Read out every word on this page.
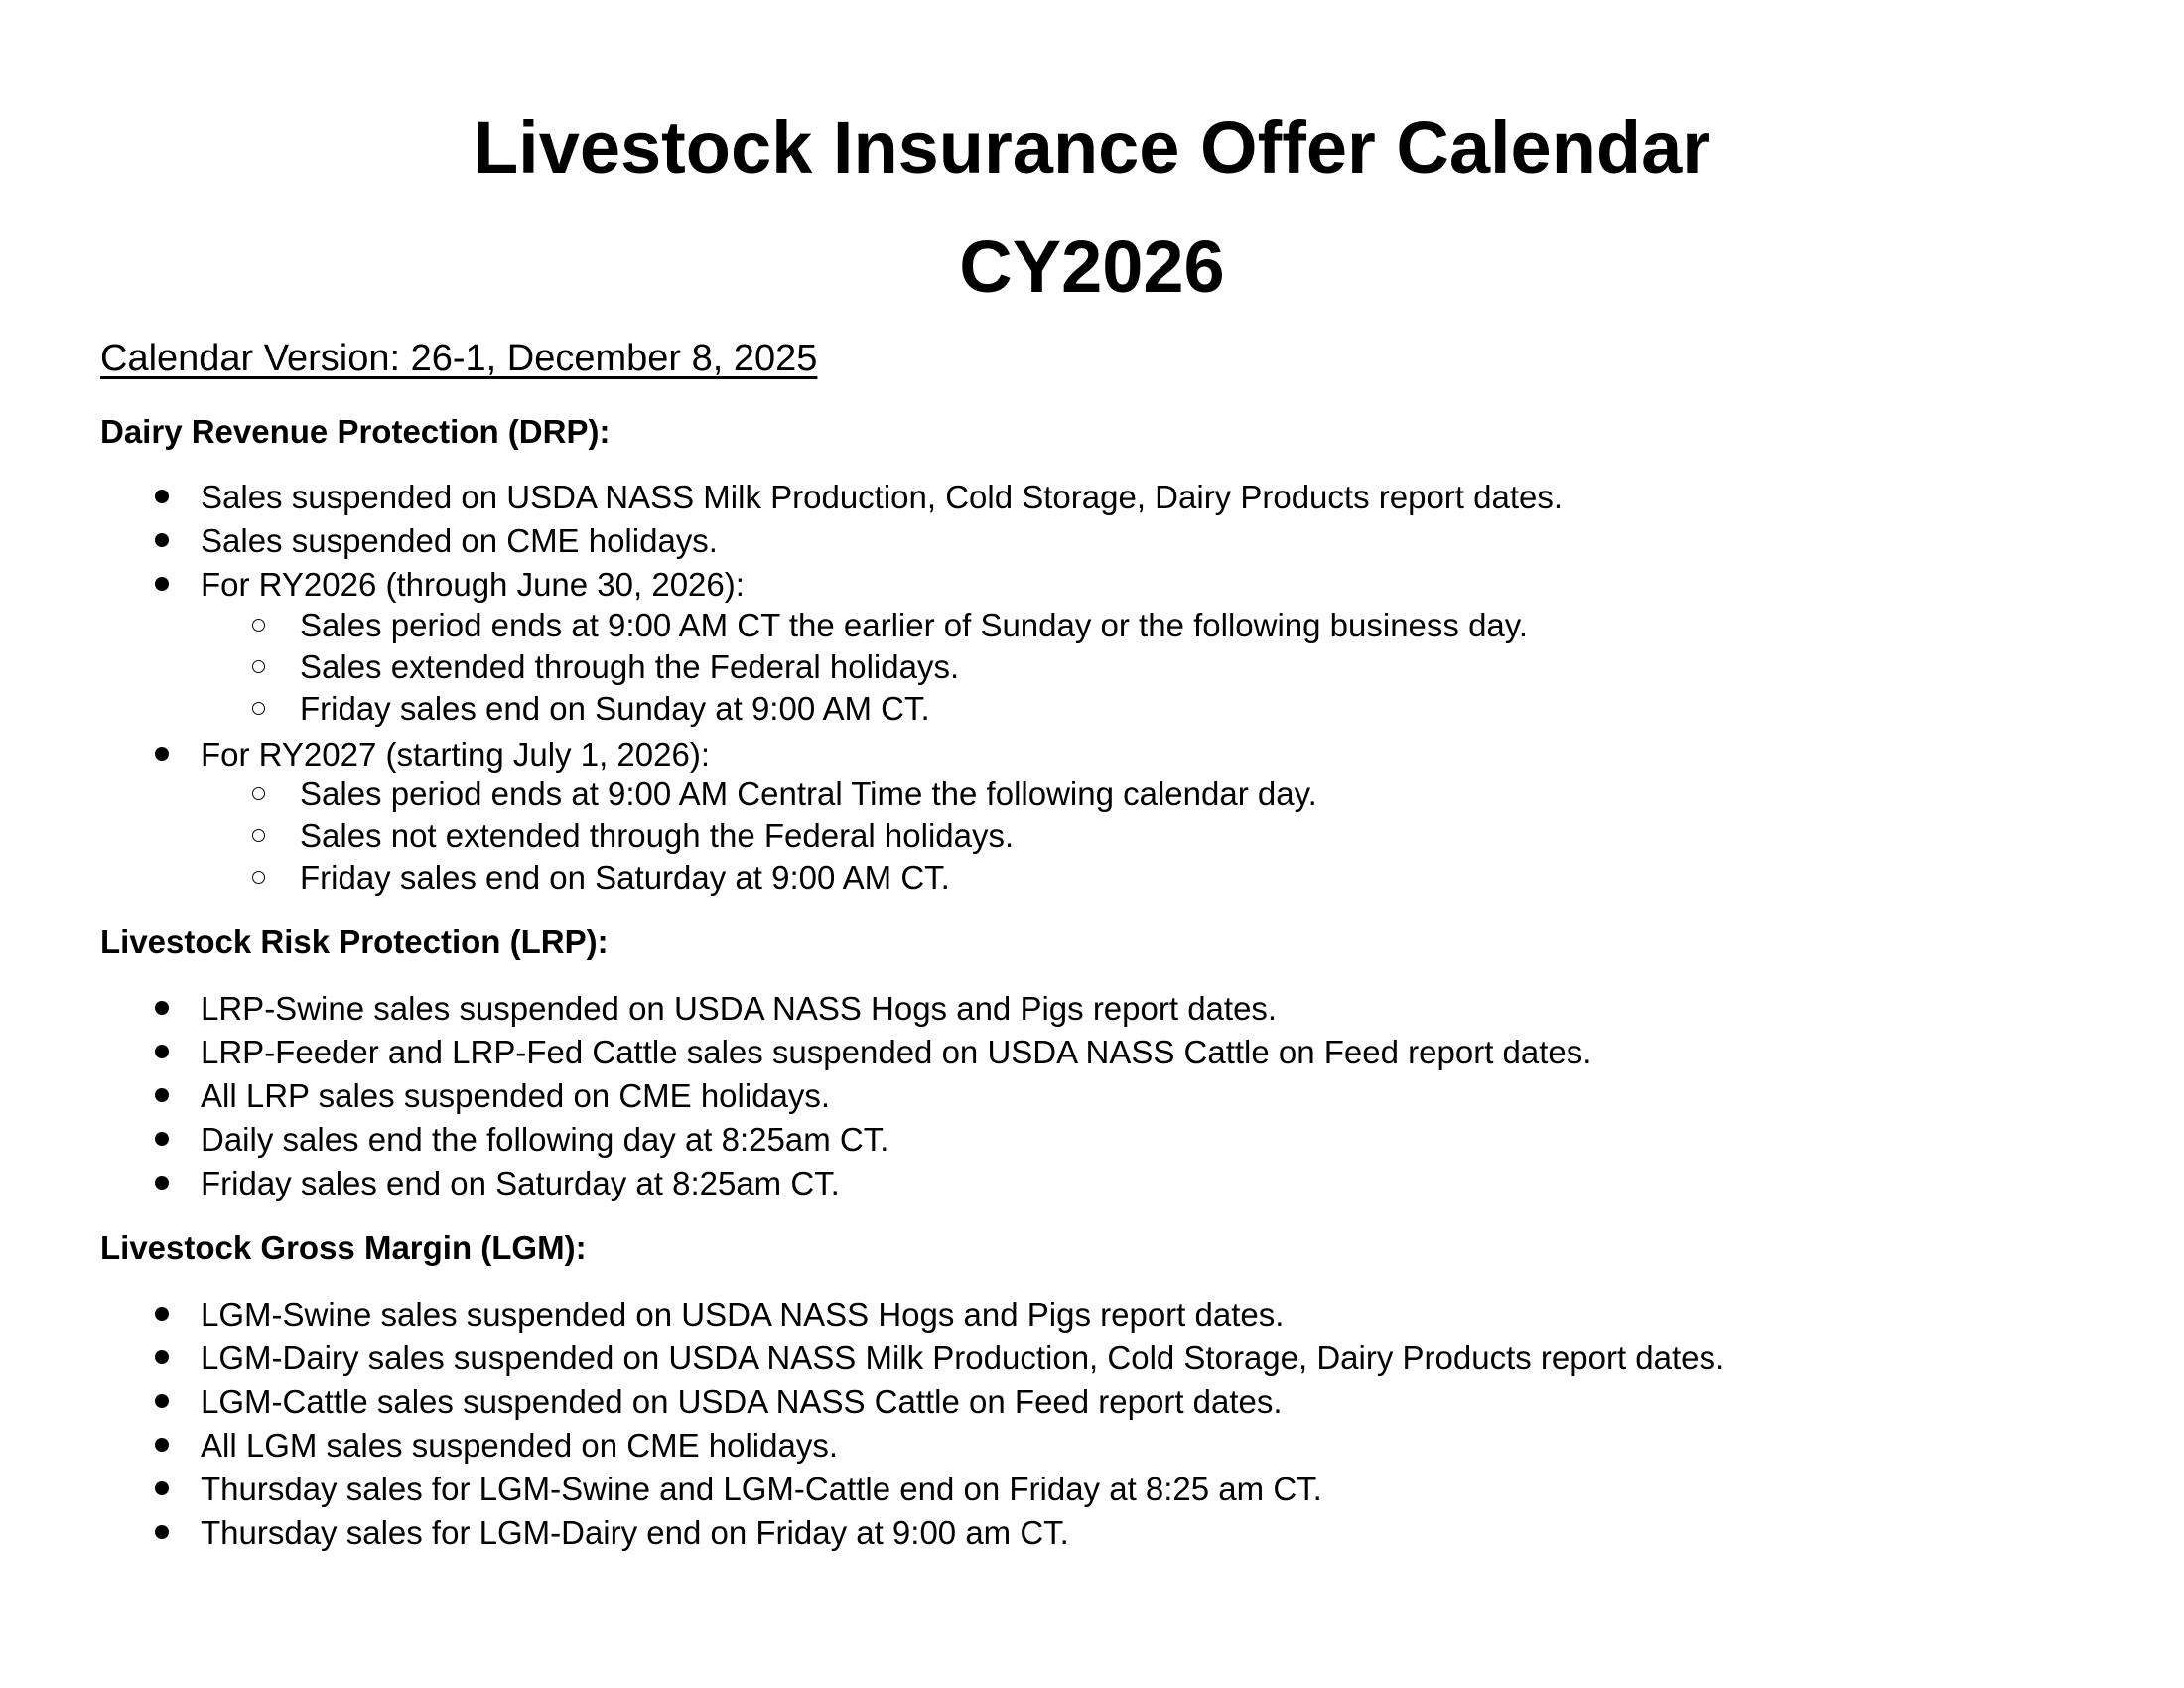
Livestock Insurance Offer Calendar
CY2026
Calendar Version: 26-1, December 8, 2025
Dairy Revenue Protection (DRP):
Sales suspended on USDA NASS Milk Production, Cold Storage, Dairy Products report dates.
Sales suspended on CME holidays.
For RY2026 (through June 30, 2026):
Sales period ends at 9:00 AM CT the earlier of Sunday or the following business day.
Sales extended through the Federal holidays.
Friday sales end on Sunday at 9:00 AM CT.
For RY2027 (starting July 1, 2026):
Sales period ends at 9:00 AM Central Time the following calendar day.
Sales not extended through the Federal holidays.
Friday sales end on Saturday at 9:00 AM CT.
Livestock Risk Protection (LRP):
LRP-Swine sales suspended on USDA NASS Hogs and Pigs report dates.
LRP-Feeder and LRP-Fed Cattle sales suspended on USDA NASS Cattle on Feed report dates.
All LRP sales suspended on CME holidays.
Daily sales end the following day at 8:25am CT.
Friday sales end on Saturday at 8:25am CT.
Livestock Gross Margin (LGM):
LGM-Swine sales suspended on USDA NASS Hogs and Pigs report dates.
LGM-Dairy sales suspended on USDA NASS Milk Production, Cold Storage, Dairy Products report dates.
LGM-Cattle sales suspended on USDA NASS Cattle on Feed report dates.
All LGM sales suspended on CME holidays.
Thursday sales for LGM-Swine and LGM-Cattle end on Friday at 8:25 am CT.
Thursday sales for LGM-Dairy end on Friday at 9:00 am CT.
